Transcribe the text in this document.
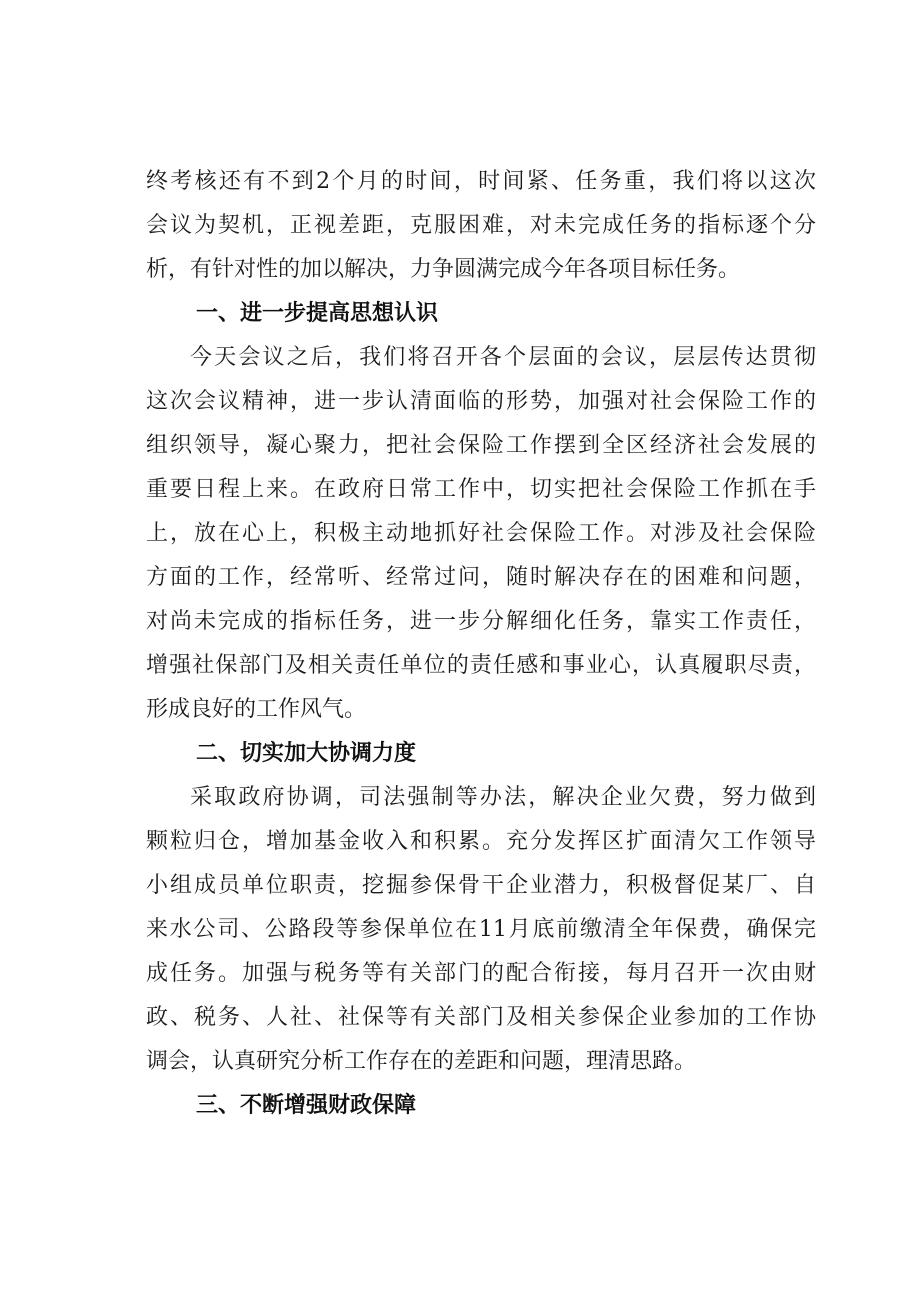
终考核还有不到2个月的时间，时间紧、任务重，我们将以这次
会议为契机，正视差距，克服困难，对未完成任务的指标逐个分
析，有针对性的加以解决，力争圆满完成今年各项目标任务。
一、进一步提高思想认识
今天会议之后，我们将召开各个层面的会议，层层传达贯彻
这次会议精神，进一步认清面临的形势，加强对社会保险工作的
组织领导，凝心聚力，把社会保险工作摆到全区经济社会发展的
重要日程上来。在政府日常工作中，切实把社会保险工作抓在手
上，放在心上，积极主动地抓好社会保险工作。对涉及社会保险
方面的工作，经常听、经常过问，随时解决存在的困难和问题，
对尚未完成的指标任务，进一步分解细化任务，靠实工作责任，
增强社保部门及相关责任单位的责任感和事业心，认真履职尽责，
形成良好的工作风气。
二、切实加大协调力度
采取政府协调，司法强制等办法，解决企业欠费，努力做到
颗粒归仓，增加基金收入和积累。充分发挥区扩面清欠工作领导
小组成员单位职责，挖掘参保骨干企业潜力，积极督促某厂、自
来水公司、公路段等参保单位在11月底前缴清全年保费，确保完
成任务。加强与税务等有关部门的配合衔接，每月召开一次由财
政、税务、人社、社保等有关部门及相关参保企业参加的工作协
调会，认真研究分析工作存在的差距和问题，理清思路。
三、不断增强财政保障
